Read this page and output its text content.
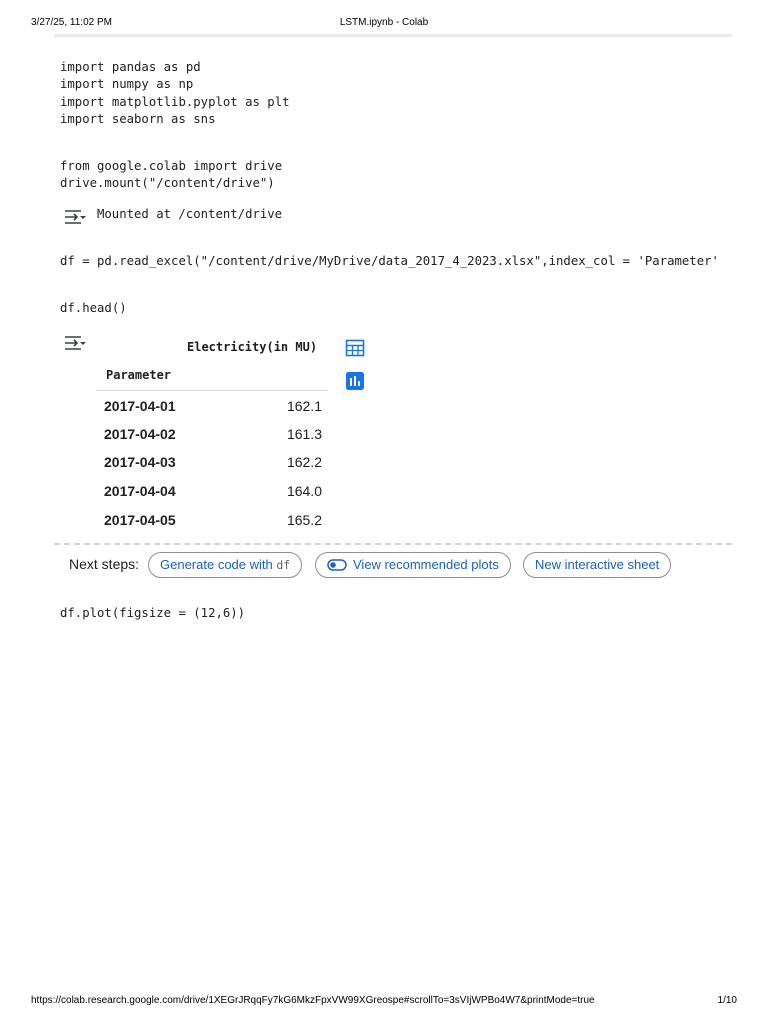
3/27/25, 11:02 PM	LSTM.ipynb - Colab
import pandas as pd
import numpy as np
import matplotlib.pyplot as plt
import seaborn as sns
from google.colab import drive
drive.mount("/content/drive")
Mounted at /content/drive
df = pd.read_excel("/content/drive/MyDrive/data_2017_4_2023.xlsx",index_col = 'Parameter'
df.head()
Electricity(in MU)
Parameter
2017-04-01	162.1
2017-04-02	161.3
2017-04-03	162.2
2017-04-04	164.0
2017-04-05	165.2
Next steps:	Generate code with df	View recommended plots	New interactive sheet
df.plot(figsize = (12,6))
https://colab.research.google.com/drive/1XEGrJRqqFy7kG6MkzFpxVW99XGreospe#scrollTo=3sVIjWPBo4W7&printMode=true	1/10
